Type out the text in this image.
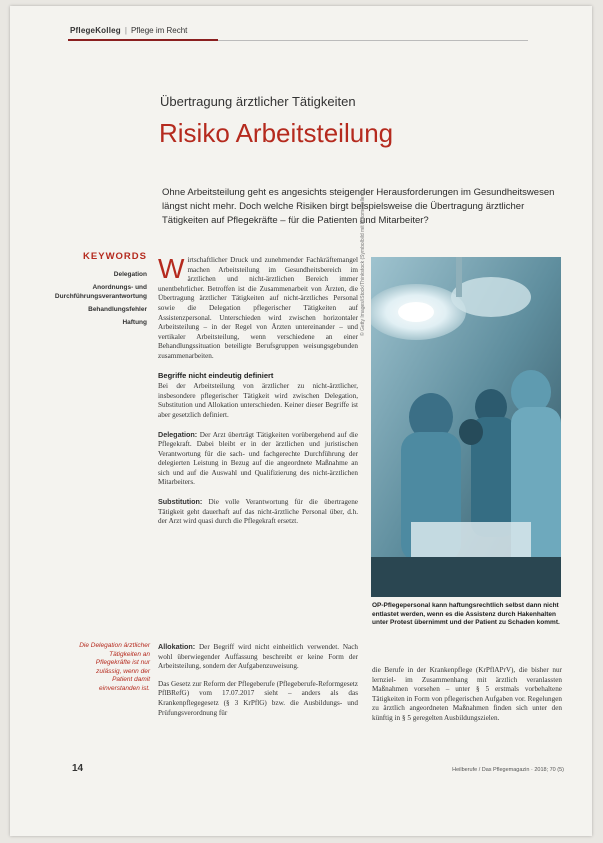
PflegeKolleg | Pflege im Recht
Übertragung ärztlicher Tätigkeiten
Risiko Arbeitsteilung
Ohne Arbeitsteilung geht es angesichts steigender Herausforderungen im Gesundheitswesen längst nicht mehr. Doch welche Risiken birgt beispielsweise die Übertragung ärztlicher Tätigkeiten auf Pflegekräfte – für die Patienten und Mitarbeiter?
KEYWORDS
Delegation
Anordnungs- und Durchführungsverantwortung
Behandlungsfehler
Haftung

Wirtschaftlicher Druck und zunehmender Fachkräftemangel machen Arbeitsteilung im Gesundheitsbereich im ärztlichen und nicht-ärztlichen Bereich immer unentbehrlicher. Betroffen ist die Zusammenarbeit von Ärzten, die Übertragung ärztlicher Tätigkeiten auf nicht-ärztliches Personal sowie die Delegation pflegerischer Tätigkeiten auf Assistenzpersonal. Unterschieden wird zwischen horizontaler Arbeitsteilung – in der Regel von Ärzten untereinander – und vertikaler Arbeitsteilung, wenn verschiedene an einer Behandlungssituation beteiligte Berufsgruppen weisungsgebunden zusammenarbeiten.

Begriffe nicht eindeutig definiert

Bei der Arbeitsteilung von ärztlicher zu nicht-ärztlicher, insbesondere pflegerischer Tätigkeit wird zwischen Delegation, Substitution und Allokation unterschieden. Keiner dieser Begriffe ist aber gesetzlich definiert.

Delegation: Der Arzt überträgt Tätigkeiten vorübergehend auf die Pflegekraft. Dabei bleibt er in der ärztlichen und juristischen Verantwortung für die sach- und fachgerechte Durchführung der delegierten Leistung in Bezug auf die angeordnete Maßnahme an sich und auf die Auswahl und Qualifizierung des nicht-ärztlichen Mitarbeiters.

Substitution: Die volle Verantwortung für die übertragene Tätigkeit geht dauerhaft auf das nicht-ärztliche Personal über, d.h. der Arzt wird quasi durch die Pflegekraft ersetzt.

© Getty Images/iStock/Thinkstock (Symbolbild mit Fotomodellen)
OP-Pflegepersonal kann haftungsrechtlich selbst dann nicht entlastet werden, wenn es die Assistenz durch Hakenhalten unter Protest übernimmt und der Patient zu Schaden kommt.
Die Delegation ärztlicher Tätigkeiten an Pflegekräfte ist nur zulässig, wenn der Patient damit einverstanden ist.

Allokation: Der Begriff wird nicht einheitlich verwendet. Nach wohl überwiegender Auffassung beschreibt er keine Form der Arbeitsteilung, sondern der Aufgabenzuweisung.

Das Gesetz zur Reform der Pflegeberufe (Pflegeberufe-Reformgesetz PflBRefG) vom 17.07.2017 sieht – anders als das Krankenpflegegesetz (§ 3 KrPflG) bzw. die Ausbildungs- und Prüfungsverordnung für

die Berufe in der Krankenpflege (KrPflAPrV), die bisher nur lernziel- im Zusammenhang mit ärztlich veranlassten Maßnahmen vorsehen – unter § 5 erstmals vorbehaltene Tätigkeiten in Form von pflegerischen Aufgaben vor. Regelungen zu ärztlich angeordneten Maßnahmen finden sich unter den künftig in § 5 geregelten Ausbildungszielen.
14	Heilberufe / Das Pflegemagazin · 2018; 70 (5)
